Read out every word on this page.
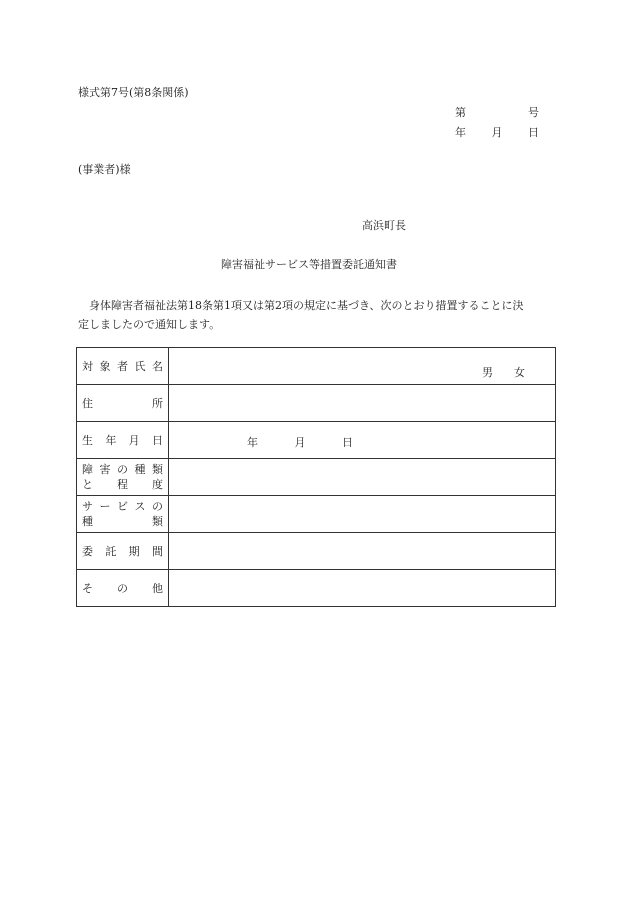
様式第7号(第8条関係)
第	号
年 月 日
(事業者)様
高浜町長
障害福祉サービス等措置委託通知書

身体障害者福祉法第18条第1項又は第2項の規定に基づき、次のとおり措置することに決

定しましたので通知します。

対象者氏名	男 女

住所	

生年月日	年 月 日

障害の種類
と程度	

サービスの
種類	

委託期間	

その他	
